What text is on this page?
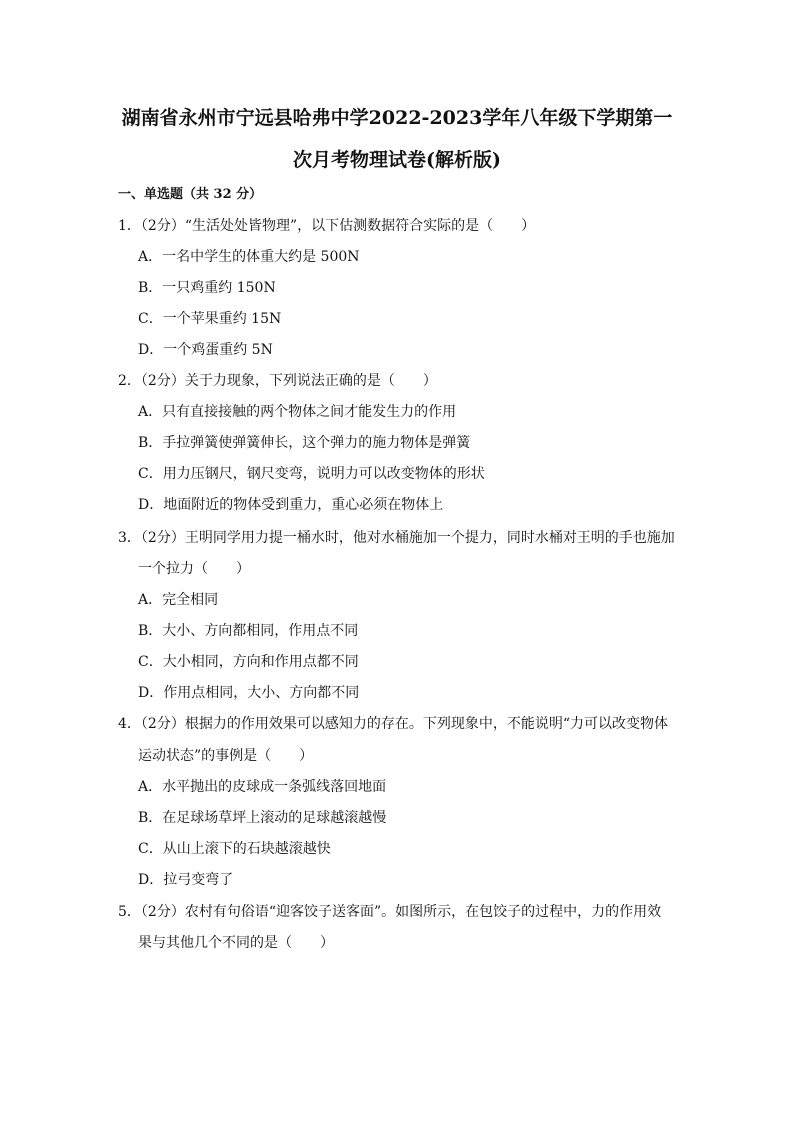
湖南省永州市宁远县哈弗中学2022-2023学年八年级下学期第一
次月考物理试卷(解析版)
一、单选题（共 32 分）
1．（2分）“生活处处皆物理”，以下估测数据符合实际的是（　　）
A．一名中学生的体重大约是 500N
B．一只鸡重约 150N
C．一个苹果重约 15N
D．一个鸡蛋重约 5N
2．（2分）关于力现象，下列说法正确的是（　　）
A．只有直接接触的两个物体之间才能发生力的作用
B．手拉弹簧使弹簧伸长，这个弹力的施力物体是弹簧
C．用力压钢尺，钢尺变弯，说明力可以改变物体的形状
D．地面附近的物体受到重力，重心必须在物体上
3．（2分）王明同学用力提一桶水时，他对水桶施加一个提力，同时水桶对王明的手也施加
一个拉力（　　）
A．完全相同
B．大小、方向都相同，作用点不同
C．大小相同，方向和作用点都不同
D．作用点相同，大小、方向都不同
4．（2分）根据力的作用效果可以感知力的存在。下列现象中，不能说明“力可以改变物体
运动状态”的事例是（　　）
A．水平抛出的皮球成一条弧线落回地面
B．在足球场草坪上滚动的足球越滚越慢
C．从山上滚下的石块越滚越快
D．拉弓变弯了
5．（2分）农村有句俗语“迎客饺子送客面”。如图所示，在包饺子的过程中，力的作用效
果与其他几个不同的是（　　）
